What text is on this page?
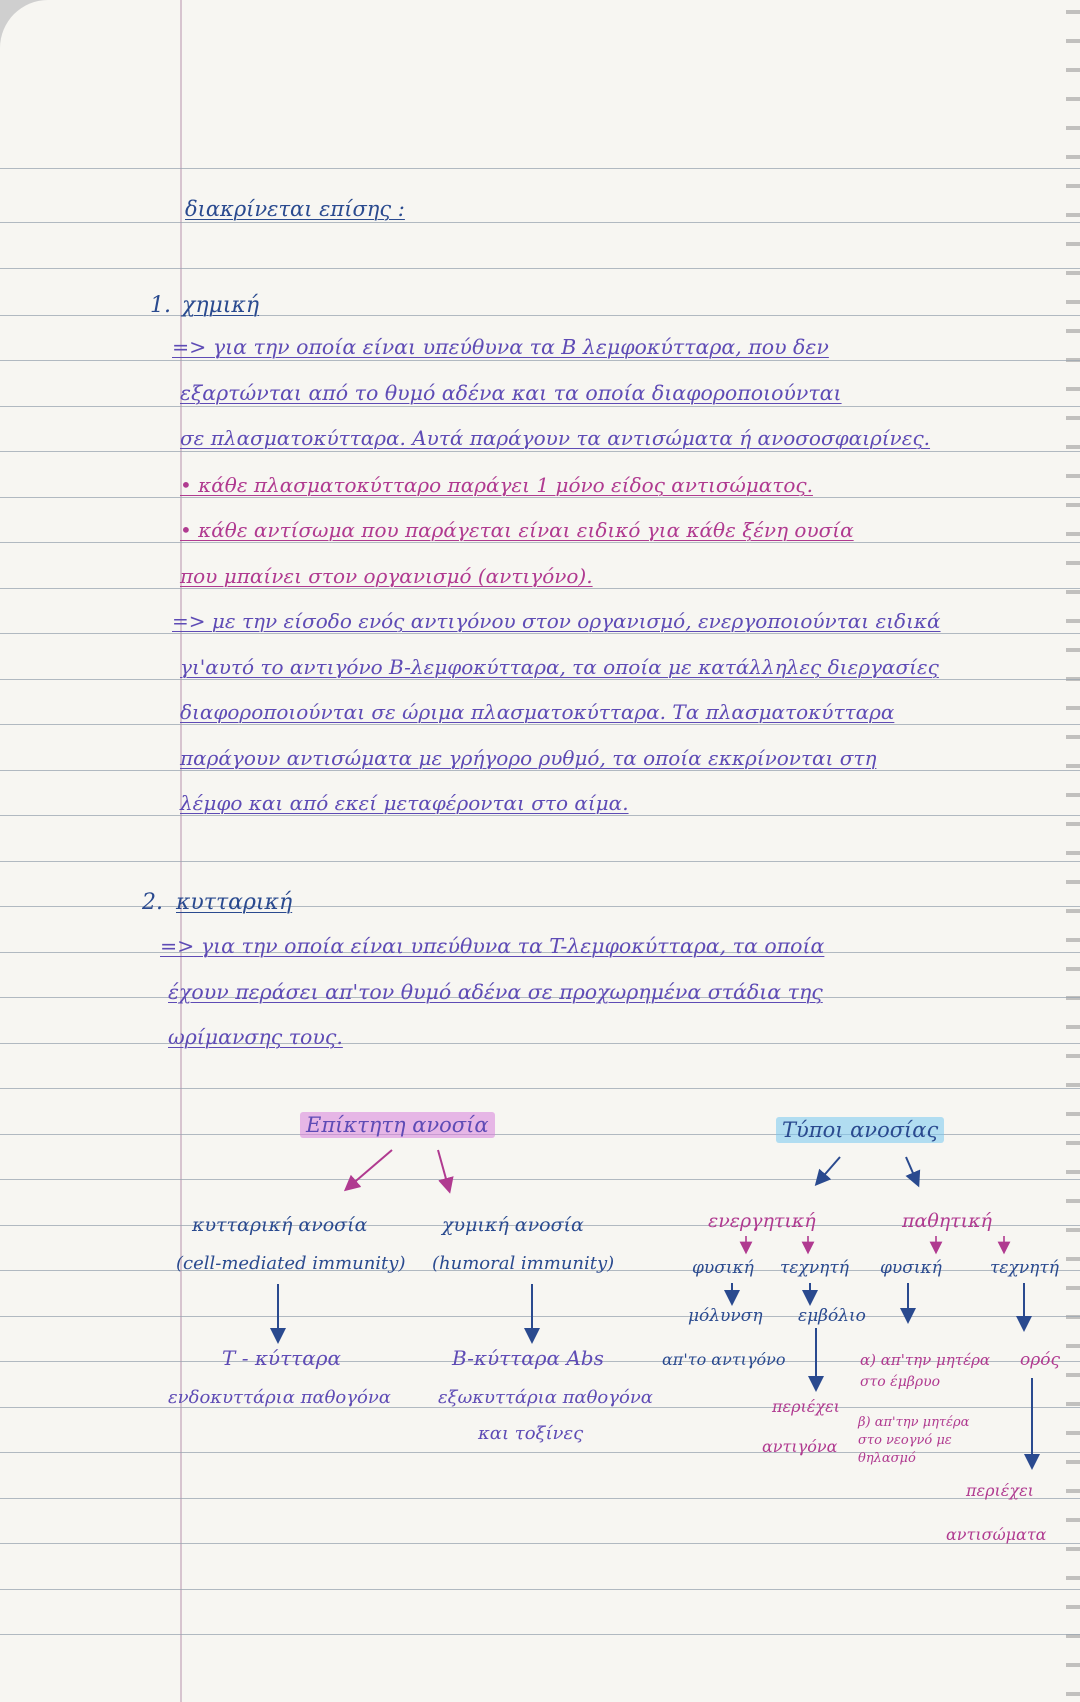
διακρίνεται επίσης :
1. χημική
=> για την οποία είναι υπεύθυνα τα B λεμφοκύτταρα, που δεν
εξαρτώνται από το θυμό αδένα και τα οποία διαφοροποιούνται
σε πλασματοκύτταρα. Αυτά παράγουν τα αντισώματα ή ανοσοσφαιρίνες.
• κάθε πλασματοκύτταρο παράγει 1 μόνο είδος αντισώματος.
• κάθε αντίσωμα που παράγεται είναι ειδικό για κάθε ξένη ουσία
που μπαίνει στον οργανισμό (αντιγόνο).
=> με την είσοδο ενός αντιγόνου στον οργανισμό, ενεργοποιούνται ειδικά
γι'αυτό το αντιγόνο B-λεμφοκύτταρα, τα οποία με κατάλληλες διεργασίες
διαφοροποιούνται σε ώριμα πλασματοκύτταρα. Τα πλασματοκύτταρα
παράγουν αντισώματα με γρήγορο ρυθμό, τα οποία εκκρίνονται στη
λέμφο και από εκεί μεταφέρονται στο αίμα.
2. κυτταρική
=> για την οποία είναι υπεύθυνα τα T-λεμφοκύτταρα, τα οποία
έχουν περάσει απ'τον θυμό αδένα σε προχωρημένα στάδια της
ωρίμανσης τους.
Επίκτητη ανοσία
κυτταρική ανοσία
(cell-mediated immunity)
T - κύτταρα
ενδοκυττάρια παθογόνα
χυμική ανοσία
(humoral immunity)
B-κύτταρα Abs
εξωκυττάρια παθογόνα
και τοξίνες
Τύποι ανοσίας
ενεργητική
φυσική τεχνητή
μόλυνση εμβόλιο
απ'το αντιγόνο
περιέχει
αντιγόνα
παθητική
φυσική	τεχνητή
α) απ'την μητέρα
στο έμβρυο
β) απ'την μητέρα
στο νεογνό με
θηλασμό
ορός
περιέχει
αντισώματα
